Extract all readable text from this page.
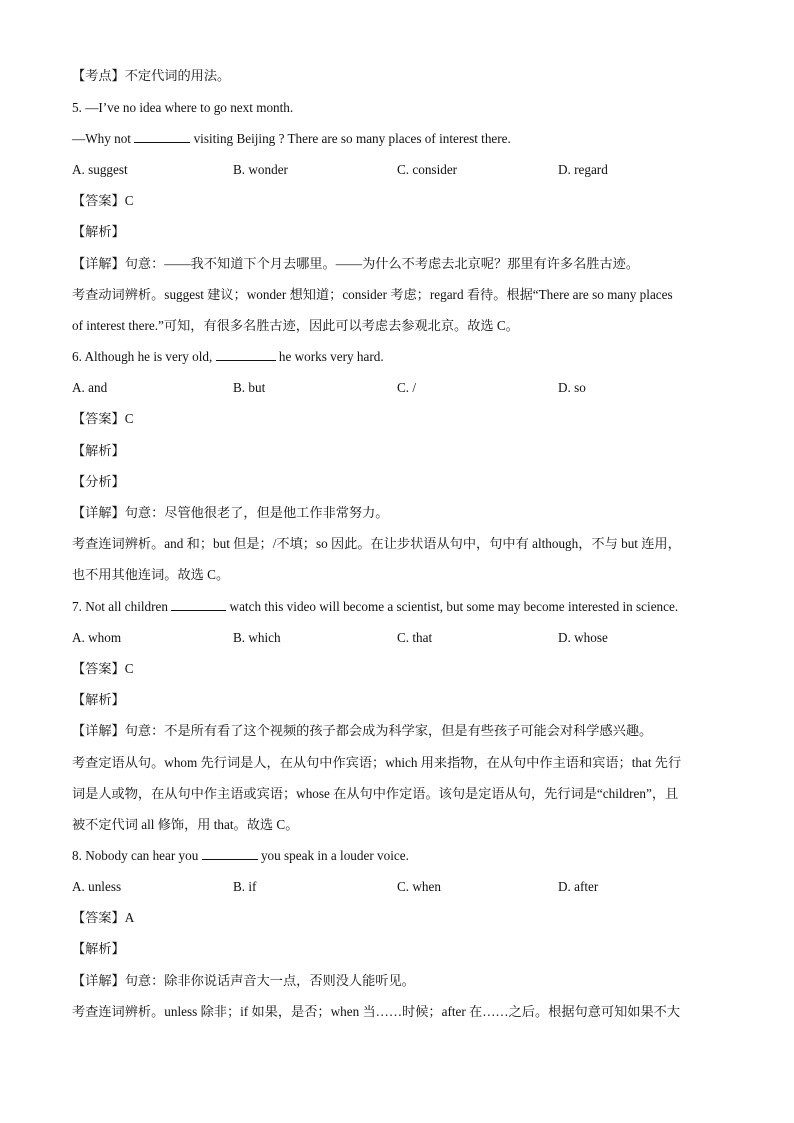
【考点】不定代词的用法。
5. —I’ve no idea where to go next month.
—Why not	visiting Beijing ? There are so many places of interest there.
A. suggest	B. wonder	C. consider	D. regard
【答案】C
【解析】
【详解】句意：——我不知道下个月去哪里。——为什么不考虑去北京呢？那里有许多名胜古迹。
考查动词辨析。suggest 建议；wonder 想知道；consider 考虑；regard 看待。根据“There are so many places
of interest there.”可知，有很多名胜古迹，因此可以考虑去参观北京。故选 C。
6. Although he is very old,	he works very hard.
A. and	B. but	C. /	D. so
【答案】C
【解析】
【分析】
【详解】句意：尽管他很老了，但是他工作非常努力。
考查连词辨析。and 和；but 但是；/不填；so 因此。在让步状语从句中，句中有 although，不与 but 连用，
也不用其他连词。故选 C。
7. Not all children	watch this video will become a scientist, but some may become interested in science.
A. whom	B. which	C. that	D. whose
【答案】C
【解析】
【详解】句意：不是所有看了这个视频的孩子都会成为科学家，但是有些孩子可能会对科学感兴趣。
考查定语从句。whom 先行词是人，在从句中作宾语；which 用来指物，在从句中作主语和宾语；that 先行
词是人或物，在从句中作主语或宾语；whose 在从句中作定语。该句是定语从句，先行词是“children”，且
被不定代词 all 修饰，用 that。故选 C。
8. Nobody can hear you	you speak in a louder voice.
A. unless	B. if	C. when	D. after
【答案】A
【解析】
【详解】句意：除非你说话声音大一点，否则没人能听见。
考查连词辨析。unless 除非；if 如果，是否；when 当……时候；after 在……之后。根据句意可知如果不大
